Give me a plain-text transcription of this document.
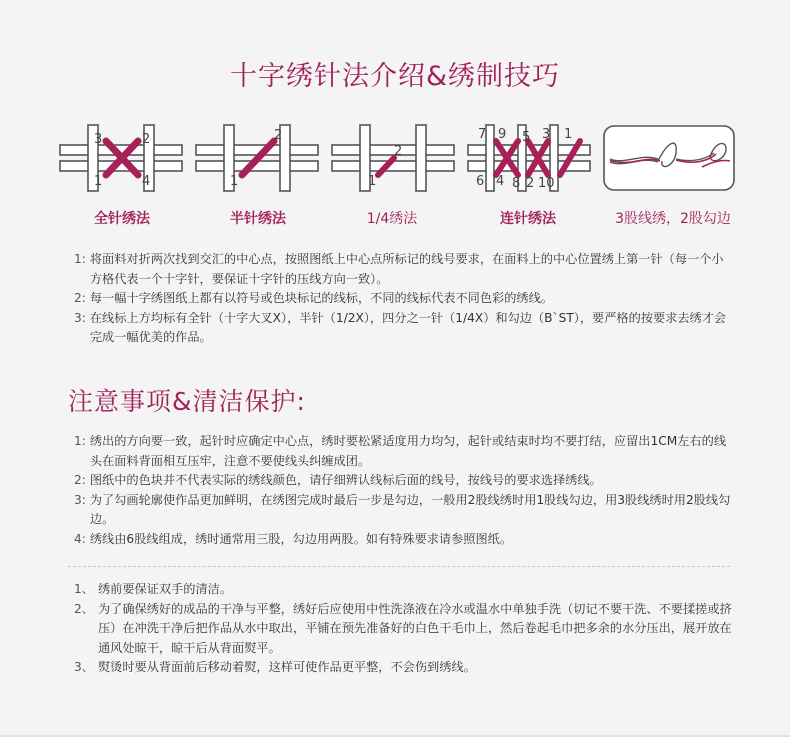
十字绣针法介绍&绣制技巧
3	2
1	4
2
1
2
1
7 9 5 3 1
6 4 8 2 10
全针绣法	半针绣法	1/4绣法	连针绣法	3股线绣，2股勾边
1: 将面料对折两次找到交汇的中心点，按照图纸上中心点所标记的线号要求，在面料上的中心位置绣上第一针（每一个小方格代表一个十字针，要保证十字针的压线方向一致）。
2: 每一幅十字绣图纸上都有以符号或色块标记的线标，不同的线标代表不同色彩的绣线。
3: 在线标上方均标有全针（十字大叉X），半针（1/2X），四分之一针（1/4X）和勾边（B`ST），要严格的按要求去绣才会完成一幅优美的作品。
注意事项&清洁保护:
1: 绣出的方向要一致，起针时应确定中心点，绣时要松紧适度用力均匀，起针或结束时均不要打结，应留出1CM左右的线头在面料背面相互压牢，注意不要使线头纠缠成团。
2: 图纸中的色块并不代表实际的绣线颜色，请仔细辨认线标后面的线号，按线号的要求选择绣线。
3: 为了勾画轮廓使作品更加鲜明，在绣图完成时最后一步是勾边，一般用2股线绣时用1股线勾边，用3股线绣时用2股线勾边。
4: 绣线由6股线组成，绣时通常用三股，勾边用两股。如有特殊要求请参照图纸。
1、 绣前要保证双手的清洁。
2、 为了确保绣好的成品的干净与平整，绣好后应使用中性洗涤液在冷水或温水中单独手洗（切记不要干洗、不要揉搓或挤压）在冲洗干净后把作品从水中取出，平铺在预先准备好的白色干毛巾上，然后卷起毛巾把多余的水分压出，展开放在通风处晾干，晾干后从背面熨平。
3、 熨烫时要从背面前后移动着熨，这样可使作品更平整，不会伤到绣线。
